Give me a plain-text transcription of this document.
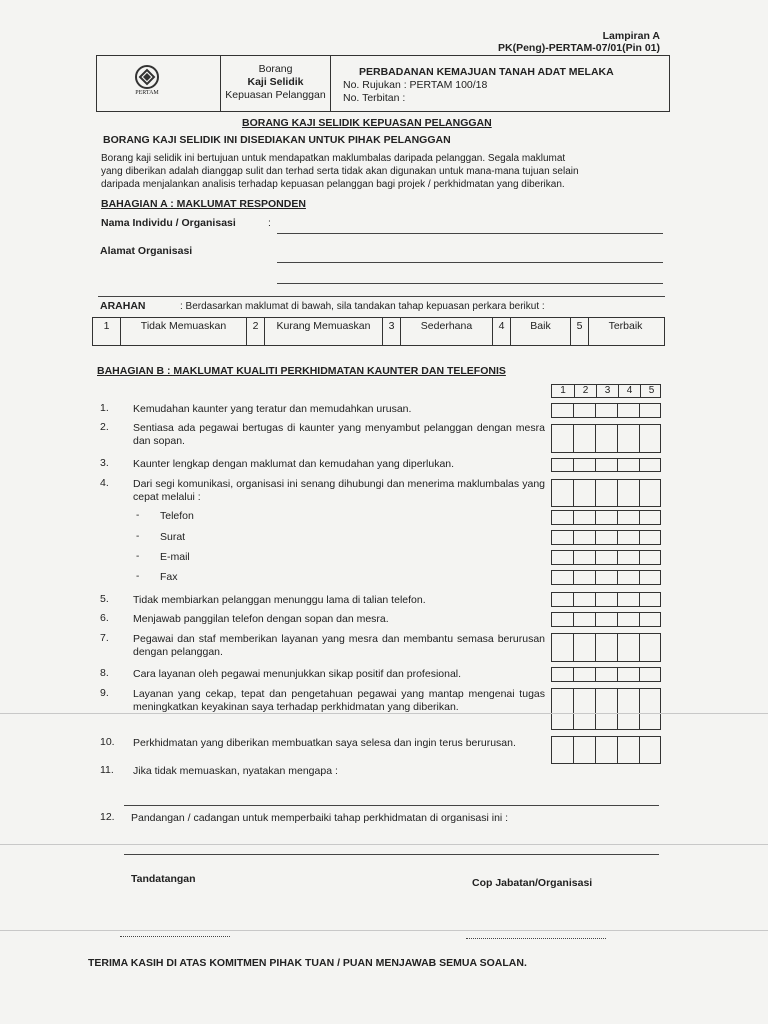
Lampiran A
PK(Peng)-PERTAM-07/01(Pin 01)
PERTAM
Borang
Kaji Selidik
Kepuasan Pelanggan
PERBADANAN KEMAJUAN TANAH ADAT MELAKA
No. Rujukan : PERTAM 100/18
No. Terbitan :
BORANG KAJI SELIDIK KEPUASAN PELANGGAN
BORANG KAJI SELIDIK INI DISEDIAKAN UNTUK PIHAK PELANGGAN
Borang kaji selidik ini bertujuan untuk mendapatkan maklumbalas daripada pelanggan. Segala maklumat
yang diberikan adalah dianggap sulit dan terhad serta tidak akan digunakan untuk mana-mana tujuan selain
daripada menjalankan analisis terhadap kepuasan pelanggan bagi projek / perkhidmatan yang diberikan.
BAHAGIAN A : MAKLUMAT RESPONDEN
Nama Individu / Organisasi	:
Alamat Organisasi
ARAHAN	: Berdasarkan maklumat di bawah, sila tandakan tahap kepuasan perkara berikut :
1	Tidak Memuaskan	2	Kurang Memuaskan	3	Sederhana	4	Baik	5	Terbaik
BAHAGIAN B : MAKLUMAT KUALITI PERKHIDMATAN KAUNTER DAN TELEFONIS
1	2	3	4	5
1. Kemudahan kaunter yang teratur dan memudahkan urusan.
2. Sentiasa ada pegawai bertugas di kaunter yang menyambut pelanggan dengan mesra dan sopan.
3. Kaunter lengkap dengan maklumat dan kemudahan yang diperlukan.
4. Dari segi komunikasi, organisasi ini senang dihubungi dan menerima maklumbalas yang cepat melalui :
- Telefon
- Surat
- E-mail
- Fax
5. Tidak membiarkan pelanggan menunggu lama di talian telefon.
6. Menjawab panggilan telefon dengan sopan dan mesra.
7. Pegawai dan staf memberikan layanan yang mesra dan membantu semasa berurusan dengan pelanggan.
8. Cara layanan oleh pegawai menunjukkan sikap positif dan profesional.
9. Layanan yang cekap, tepat dan pengetahuan pegawai yang mantap mengenai tugas meningkatkan keyakinan saya terhadap perkhidmatan yang diberikan.
10. Perkhidmatan yang diberikan membuatkan saya selesa dan ingin terus berurusan.
11. Jika tidak memuaskan, nyatakan mengapa :
12. Pandangan / cadangan untuk memperbaiki tahap perkhidmatan di organisasi ini :
Tandatangan	Cop Jabatan/Organisasi
TERIMA KASIH DI ATAS KOMITMEN PIHAK TUAN / PUAN MENJAWAB SEMUA SOALAN.
